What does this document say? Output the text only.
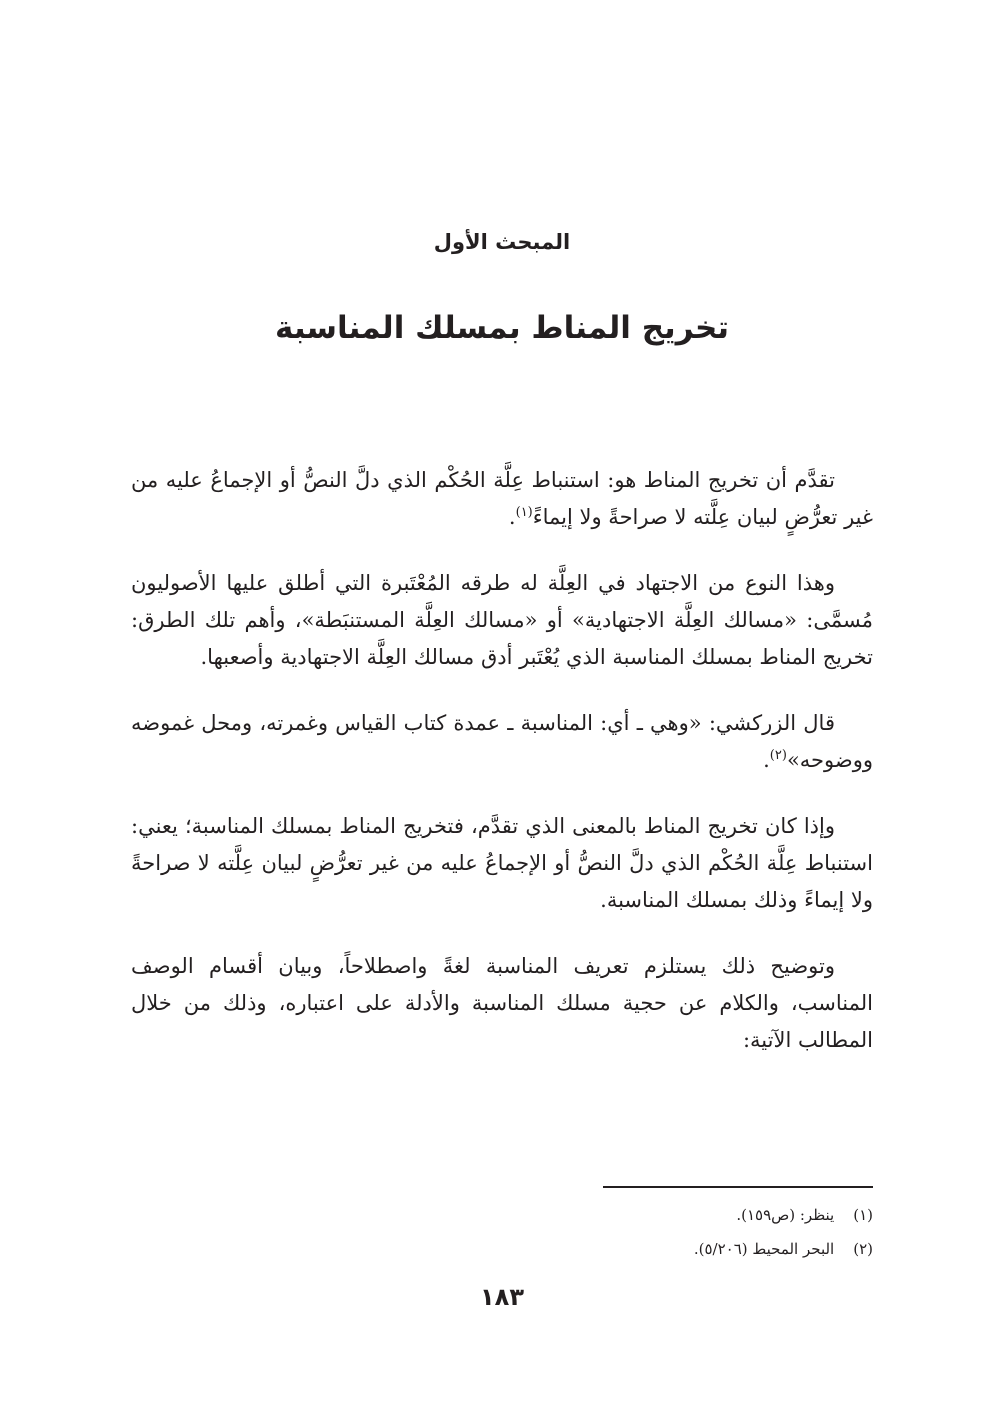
المبحث الأول
تخريج المناط بمسلك المناسبة

تقدَّم أن تخريج المناط هو: استنباط عِلَّة الحُكْم الذي دلَّ النصُّ أو الإجماعُ عليه من غير تعرُّضٍ لبيان عِلَّته لا صراحةً ولا إيماءً$^{(١)}$.

وهذا النوع من الاجتهاد في العِلَّة له طرقه المُعْتَبرة التي أطلق عليها الأصوليون مُسمَّى: «مسالك العِلَّة الاجتهادية» أو «مسالك العِلَّة المستنبَطة»، وأهم تلك الطرق: تخريج المناط بمسلك المناسبة الذي يُعْتَبر أدق مسالك العِلَّة الاجتهادية وأصعبها.

قال الزركشي: «وهي ـ أي: المناسبة ـ عمدة كتاب القياس وغمرته، ومحل غموضه ووضوحه»$^{(٢)}$.

وإذا كان تخريج المناط بالمعنى الذي تقدَّم، فتخريج المناط بمسلك المناسبة؛ يعني: استنباط عِلَّة الحُكْم الذي دلَّ النصُّ أو الإجماعُ عليه من غير تعرُّضٍ لبيان عِلَّته لا صراحةً ولا إيماءً وذلك بمسلك المناسبة.

وتوضيح ذلك يستلزم تعريف المناسبة لغةً واصطلاحاً، وبيان أقسام الوصف المناسب، والكلام عن حجية مسلك المناسبة والأدلة على اعتباره، وذلك من خلال المطالب الآتية:

(١) ينظر: (ص١٥٩).
(٢) البحر المحيط (٥/٢٠٦).
١٨٣
